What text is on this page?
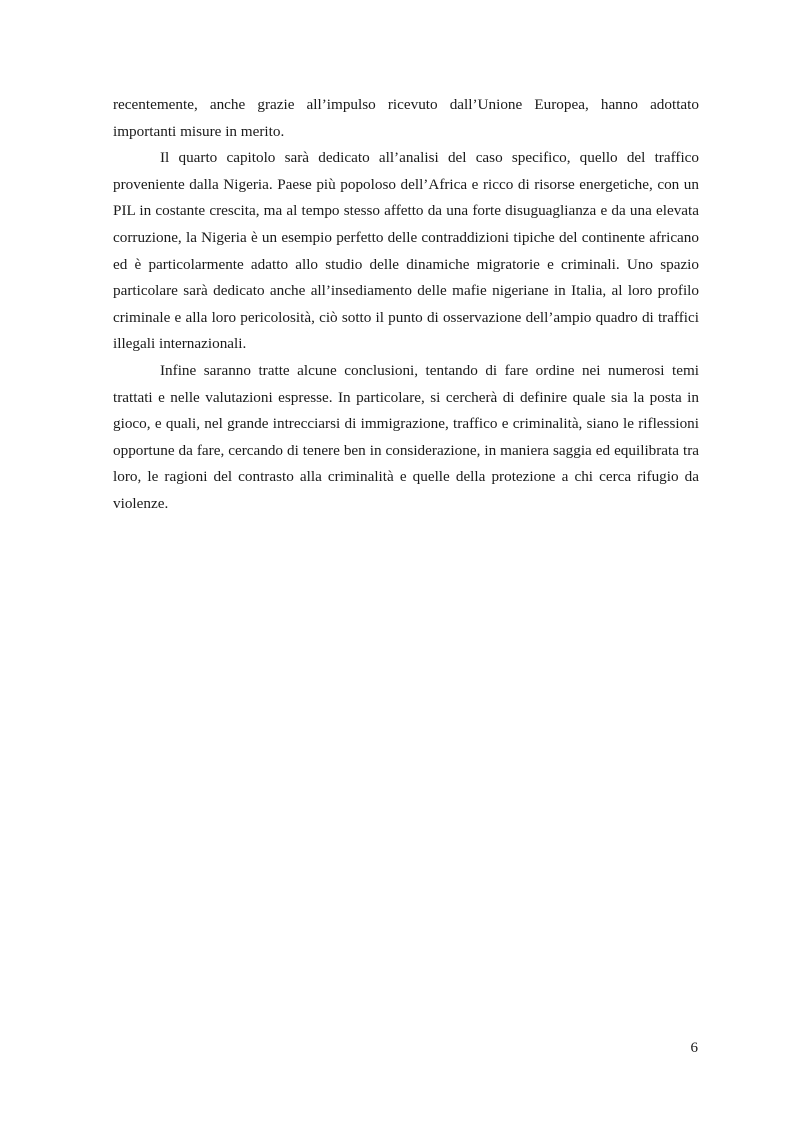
recentemente, anche grazie all’impulso ricevuto dall’Unione Europea, hanno adottato importanti misure in merito.

Il quarto capitolo sarà dedicato all’analisi del caso specifico, quello del traffico proveniente dalla Nigeria. Paese più popoloso dell’Africa e ricco di risorse energetiche, con un PIL in costante crescita, ma al tempo stesso affetto da una forte disuguaglianza e da una elevata corruzione, la Nigeria è un esempio perfetto delle contraddizioni tipiche del continente africano ed è particolarmente adatto allo studio delle dinamiche migratorie e criminali. Uno spazio particolare sarà dedicato anche all’insediamento delle mafie nigeriane in Italia, al loro profilo criminale e alla loro pericolosità, ciò sotto il punto di osservazione dell’ampio quadro di traffici illegali internazionali.

Infine saranno tratte alcune conclusioni, tentando di fare ordine nei numerosi temi trattati e nelle valutazioni espresse. In particolare, si cercherà di definire quale sia la posta in gioco, e quali, nel grande intrecciarsi di immigrazione, traffico e criminalità, siano le riflessioni opportune da fare, cercando di tenere ben in considerazione, in maniera saggia ed equilibrata tra loro, le ragioni del contrasto alla criminalità e quelle della protezione a chi cerca rifugio da violenze.

6
